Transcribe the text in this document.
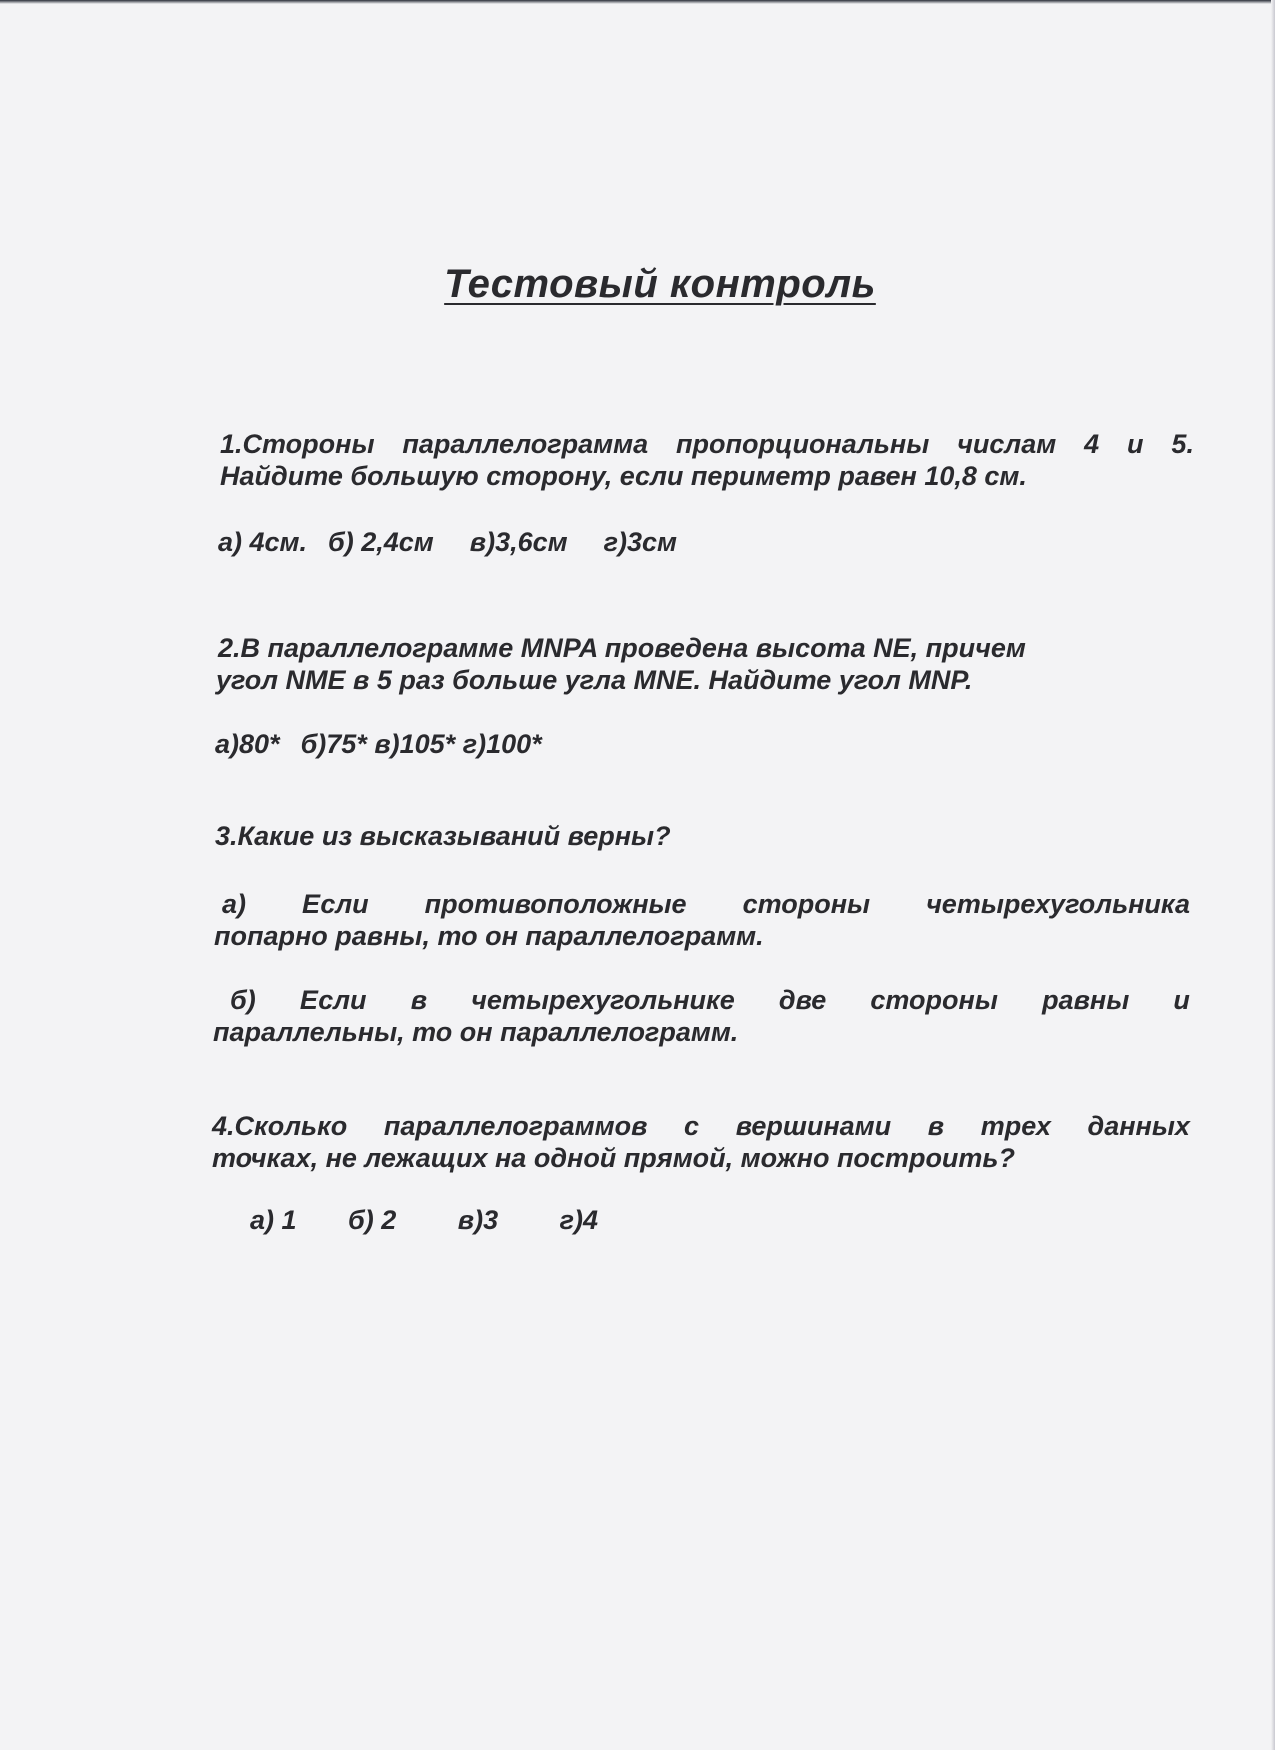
Тестовый контроль
1.Стороны параллелограмма пропорциональны числам 4 и 5.

Найдите большую сторону, если периметр равен 10,8 см.

а) 4см. б) 2,4см в)3,6см г)3см

2.В параллелограмме MNPA проведена высота NE, причем

угол NME в 5 раз больше угла MNE. Найдите угол MNP.

а)80* б)75* в)105* г)100*

3.Какие из высказываний верны?

а) Если противоположные стороны четырехугольника

попарно равны, то он параллелограмм.

б) Если в четырехугольнике две стороны равны и

параллельны, то он параллелограмм.

4.Сколько параллелограммов с вершинами в трех данных

точках, не лежащих на одной прямой, можно построить?

а) 1 б) 2 в)3 г)4
